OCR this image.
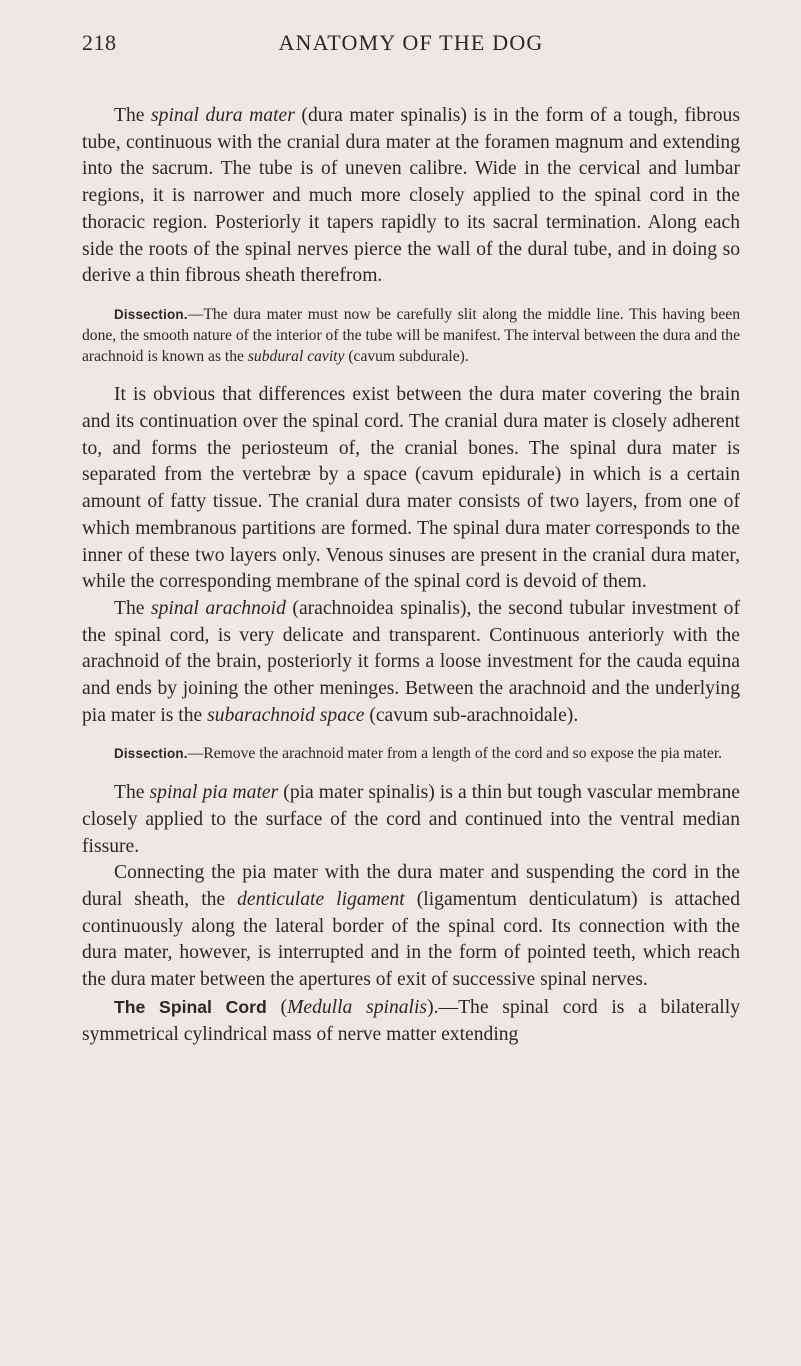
218	ANATOMY OF THE DOG

The spinal dura mater (dura mater spinalis) is in the form of a tough, fibrous tube, continuous with the cranial dura mater at the foramen magnum and extending into the sacrum. The tube is of uneven calibre. Wide in the cervical and lumbar regions, it is narrower and much more closely applied to the spinal cord in the thoracic region. Posteriorly it tapers rapidly to its sacral termination. Along each side the roots of the spinal nerves pierce the wall of the dural tube, and in doing so derive a thin fibrous sheath therefrom.

Dissection.—The dura mater must now be carefully slit along the middle line. This having been done, the smooth nature of the interior of the tube will be manifest. The interval between the dura and the arachnoid is known as the subdural cavity (cavum subdurale).

It is obvious that differences exist between the dura mater covering the brain and its continuation over the spinal cord. The cranial dura mater is closely adherent to, and forms the periosteum of, the cranial bones. The spinal dura mater is separated from the vertebræ by a space (cavum epidurale) in which is a certain amount of fatty tissue. The cranial dura mater consists of two layers, from one of which membranous partitions are formed. The spinal dura mater corresponds to the inner of these two layers only. Venous sinuses are present in the cranial dura mater, while the corresponding membrane of the spinal cord is devoid of them.

The spinal arachnoid (arachnoidea spinalis), the second tubular investment of the spinal cord, is very delicate and transparent. Continuous anteriorly with the arachnoid of the brain, posteriorly it forms a loose investment for the cauda equina and ends by joining the other meninges. Between the arachnoid and the underlying pia mater is the subarachnoid space (cavum sub-arachnoidale).

Dissection.—Remove the arachnoid mater from a length of the cord and so expose the pia mater.

The spinal pia mater (pia mater spinalis) is a thin but tough vascular membrane closely applied to the surface of the cord and continued into the ventral median fissure.

Connecting the pia mater with the dura mater and suspending the cord in the dural sheath, the denticulate ligament (ligamentum denticulatum) is attached continuously along the lateral border of the spinal cord. Its connection with the dura mater, however, is interrupted and in the form of pointed teeth, which reach the dura mater between the apertures of exit of successive spinal nerves.

The Spinal Cord (Medulla spinalis).—The spinal cord is a bilaterally symmetrical cylindrical mass of nerve matter extending
